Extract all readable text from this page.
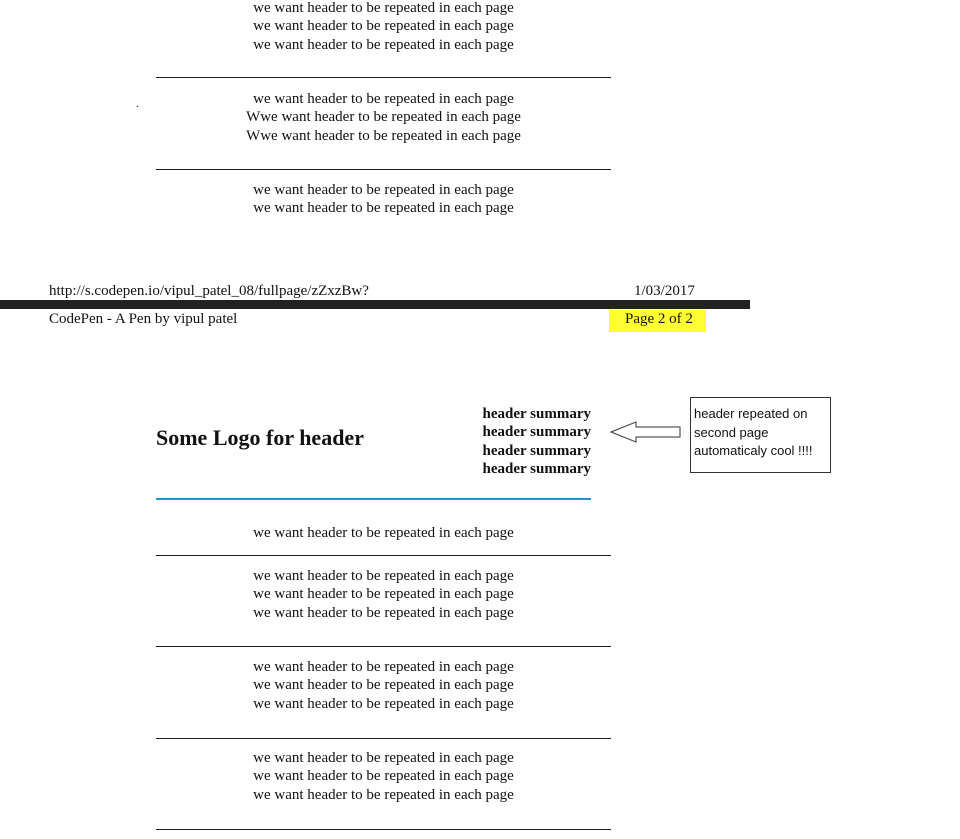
we want header to be repeated in each page
we want header to be repeated in each page
we want header to be repeated in each page
.	we want header to be repeated in each page
Wwe want header to be repeated in each page
Wwe want header to be repeated in each page
we want header to be repeated in each page
we want header to be repeated in each page
http://s.codepen.io/vipul_patel_08/fullpage/zZxzBw?	1/03/2017
CodePen - A Pen by vipul patel	Page 2 of 2
Some Logo for header
header summary
header summary
header summary
header summary
header repeated on
second page
automaticaly cool !!!!
we want header to be repeated in each page
we want header to be repeated in each page
we want header to be repeated in each page
we want header to be repeated in each page
we want header to be repeated in each page
we want header to be repeated in each page
we want header to be repeated in each page
we want header to be repeated in each page
we want header to be repeated in each page
we want header to be repeated in each page
